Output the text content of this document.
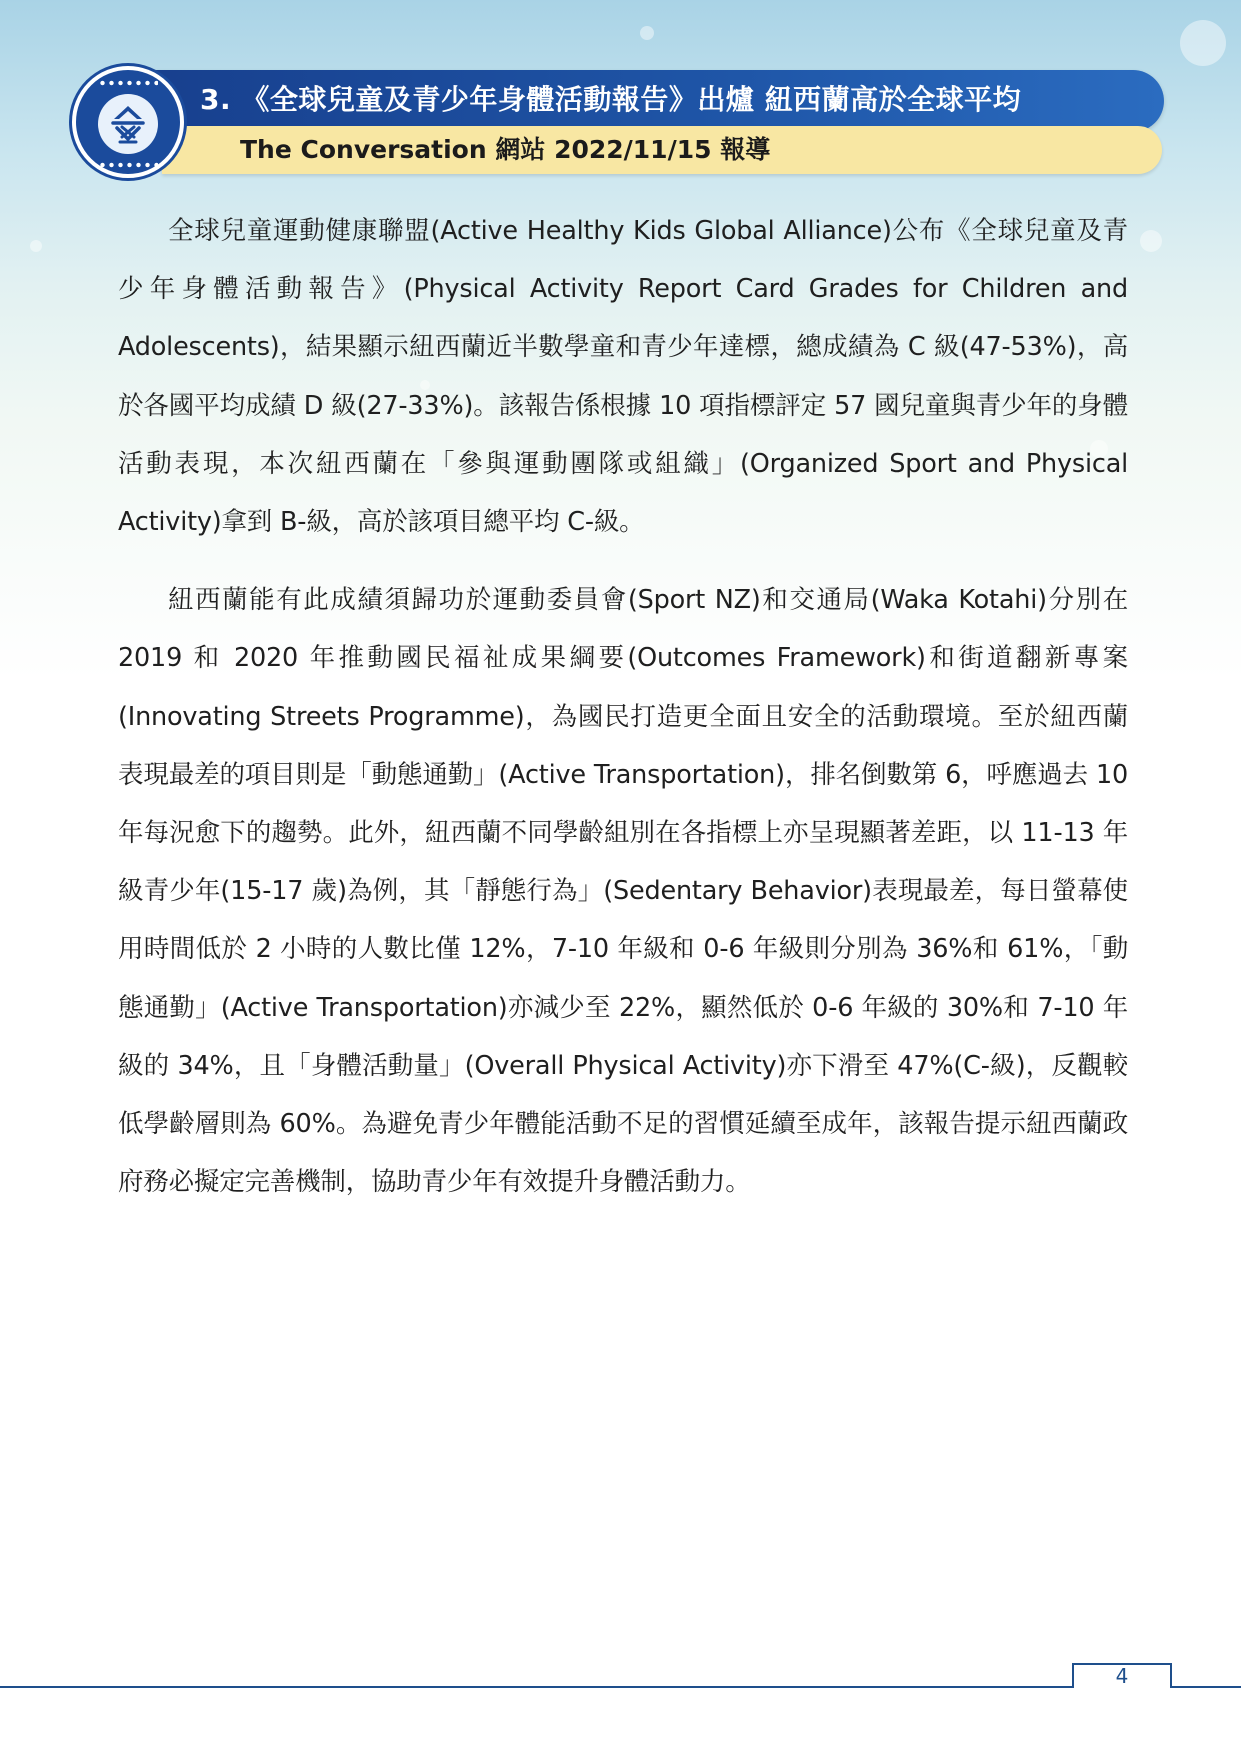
3. 《全球兒童及青少年身體活動報告》出爐 紐西蘭高於全球平均
The Conversation 網站 2022/11/15 報導

全球兒童運動健康聯盟(Active Healthy Kids Global Alliance)公布《全球兒童及青少年身體活動報告》(Physical Activity Report Card Grades for Children and Adolescents)，結果顯示紐西蘭近半數學童和青少年達標，總成績為 C 級(47-53%)，高於各國平均成績 D 級(27-33%)。該報告係根據 10 項指標評定 57 國兒童與青少年的身體活動表現，本次紐西蘭在「參與運動團隊或組織」(Organized Sport and Physical Activity)拿到 B-級，高於該項目總平均 C-級。

紐西蘭能有此成績須歸功於運動委員會(Sport NZ)和交通局(Waka Kotahi)分別在 2019 和 2020 年推動國民福祉成果綱要(Outcomes Framework)和街道翻新專案(Innovating Streets Programme)，為國民打造更全面且安全的活動環境。至於紐西蘭表現最差的項目則是「動態通勤」(Active Transportation)，排名倒數第 6，呼應過去 10 年每況愈下的趨勢。此外，紐西蘭不同學齡組別在各指標上亦呈現顯著差距，以 11-13 年級青少年(15-17 歲)為例，其「靜態行為」(Sedentary Behavior)表現最差，每日螢幕使用時間低於 2 小時的人數比僅 12%，7-10 年級和 0-6 年級則分別為 36%和 61%，「動態通勤」(Active Transportation)亦減少至 22%，顯然低於 0-6 年級的 30%和 7-10 年級的 34%，且「身體活動量」(Overall Physical Activity)亦下滑至 47%(C-級)，反觀較低學齡層則為 60%。為避免青少年體能活動不足的習慣延續至成年，該報告提示紐西蘭政府務必擬定完善機制，協助青少年有效提升身體活動力。

4
